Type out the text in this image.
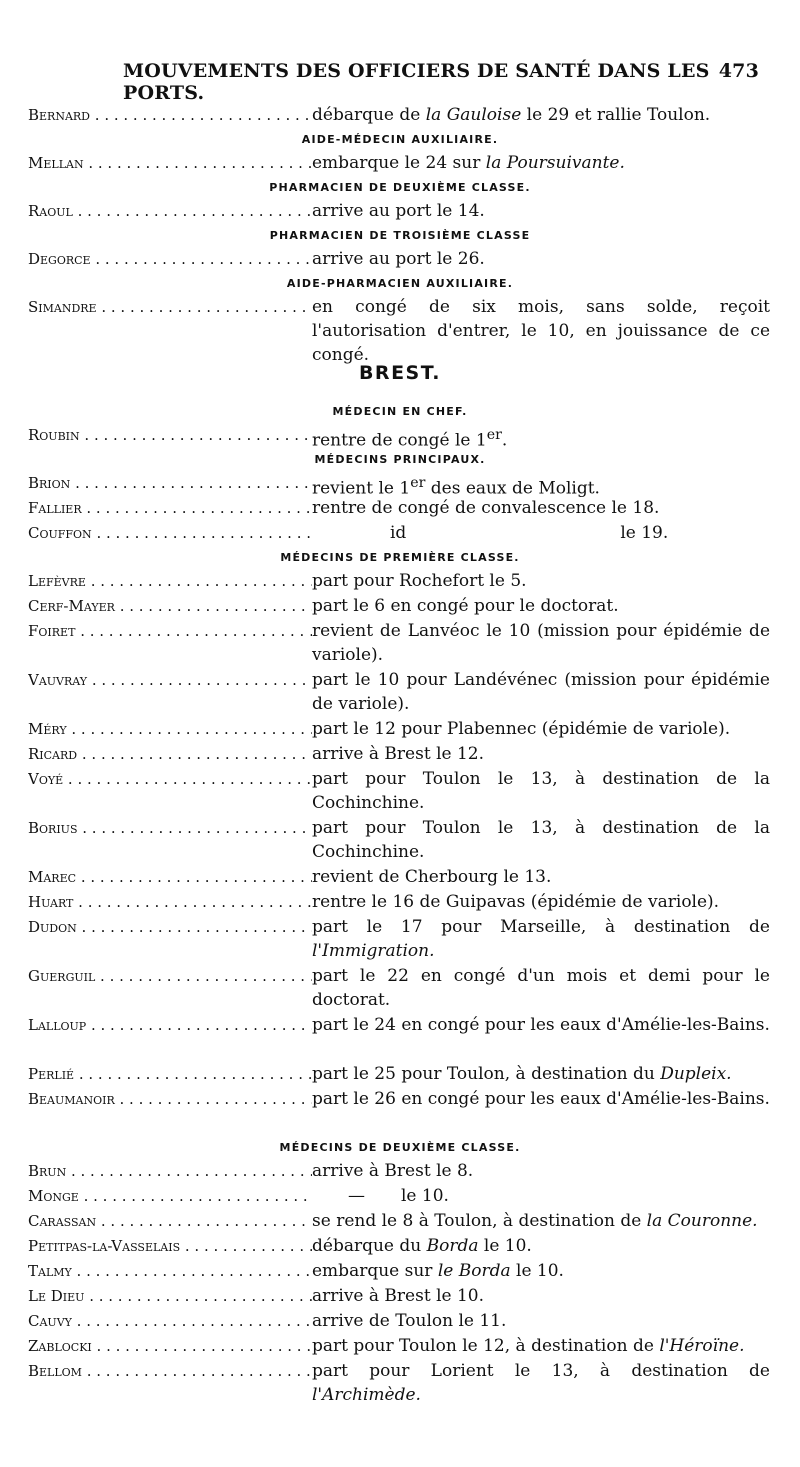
MOUVEMENTS DES OFFICIERS DE SANTÉ DANS LES PORTS.
473
Bernard . . .	débarque de la Gauloise le 29 et rallie Toulon.
AIDE-MÉDECIN AUXILIAIRE.
Mellan . . .	embarque le 24 sur la Poursuivante.
PHARMACIEN DE DEUXIÈME CLASSE.
Raoul . . .	arrive au port le 14.
PHARMACIEN DE TROISIÈME CLASSE
Degorce . . .	arrive au port le 26.
AIDE-PHARMACIEN AUXILIAIRE.
Simandre . . .	en congé de six mois, sans solde, reçoit l'autorisation d'entrer, le 10, en jouissance de ce congé.
BREST.
MÉDECIN EN CHEF.
Roubin . . .	rentre de congé le 1er.
MÉDECINS PRINCIPAUX.
Brion . . .	revient le 1er des eaux de Moligt.
Fallier . . .	rentre de congé de convalescence le 18.
Couffon . . .	id	le 19.
MÉDECINS DE PREMIÈRE CLASSE.
Lefèvre . . .	part pour Rochefort le 5.
Cerf-Mayer . . .	part le 6 en congé pour le doctorat.
Foiret . . .	revient de Lanvéoc le 10 (mission pour épidémie de variole).
Vauvray . . .	part le 10 pour Landévénec (mission pour épidémie de variole).
Méry . . .	part le 12 pour Plabennec (épidémie de variole).
Ricard . . .	arrive à Brest le 12.
Voyé . . .	part pour Toulon le 13, à destination de la Cochinchine.
Borius . . .	part pour Toulon le 13, à destination de la Cochinchine.
Marec . . .	revient de Cherbourg le 13.
Huart . . .	rentre le 16 de Guipavas (épidémie de variole).
Dudon . . .	part le 17 pour Marseille, à destination de l'Immigration.
Guerguil . . .	part le 22 en congé d'un mois et demi pour le doctorat.
Lalloup . . .	part le 24 en congé pour les eaux d'Amélie-les-Bains.
Perlié . . .	part le 25 pour Toulon, à destination du Dupleix.
Beaumanoir . . .	part le 26 en congé pour les eaux d'Amélie-les-Bains.
MÉDECINS DE DEUXIÈME CLASSE.
Brun . . .	arrive à Brest le 8.
Monge . . .	— le 10.
Carassan . . .	se rend le 8 à Toulon, à destination de la Couronne.
Petitpas-la-Vasselais . . .	débarque du Borda le 10.
Talmy . . .	embarque sur le Borda le 10.
Le Dieu . . .	arrive à Brest le 10.
Cauvy . . .	arrive de Toulon le 11.
Zablocki . . .	part pour Toulon le 12, à destination de l'Héroïne.
Bellom . . .	part pour Lorient le 13, à destination de l'Archimède.
